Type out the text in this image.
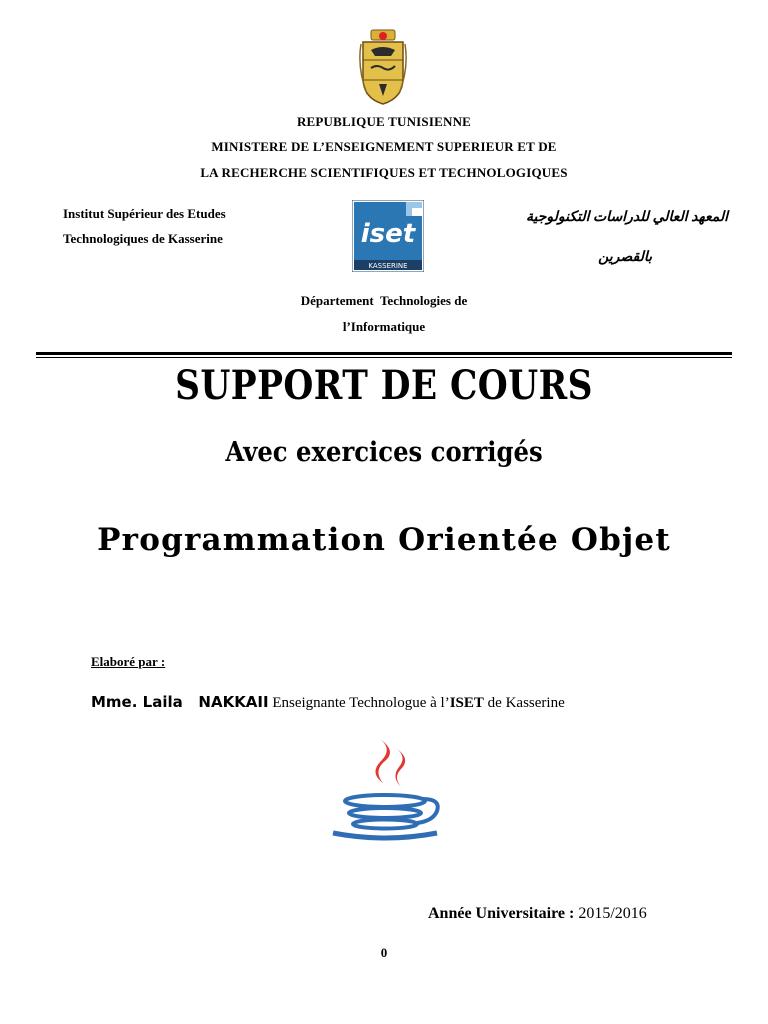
REPUBLIQUE TUNISIENNE
MINISTERE DE L’ENSEIGNEMENT SUPERIEUR ET DE
LA RECHERCHE SCIENTIFIQUES ET TECHNOLOGIQUES
Institut Supérieur des Etudes
Technologiques de Kasserine	iset
KASSERINE
المعهد العالي للدراسات التكنولوجية
بالقصرين
Département  Technologies de
l’Informatique
SUPPORT DE COURS
Avec exercices corrigés
Programmation Orientée Objet
Elaboré par :
Mme. Laila   NAKKAII Enseignante Technologue à l’ISET de Kasserine
Année Universitaire : 2015/2016
0
